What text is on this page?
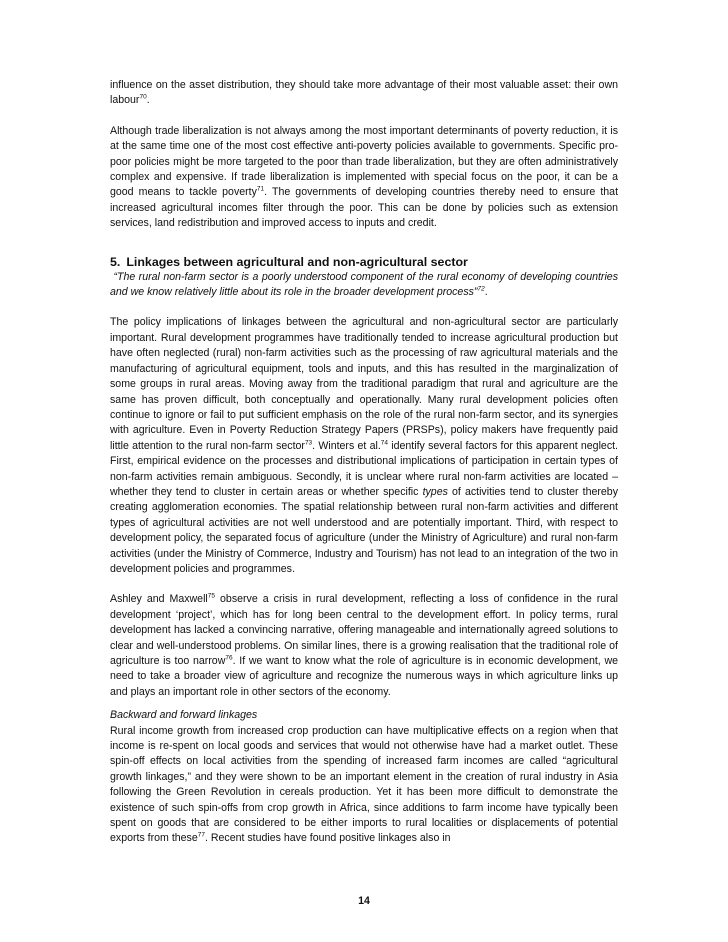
influence on the asset distribution, they should take more advantage of their most valuable asset: their own labour$^{70}$.

Although trade liberalization is not always among the most important determinants of poverty reduction, it is at the same time one of the most cost effective anti-poverty policies available to governments. Specific pro-poor policies might be more targeted to the poor than trade liberalization, but they are often administratively complex and expensive. If trade liberalization is implemented with special focus on the poor, it can be a good means to tackle poverty$^{71}$. The governments of developing countries thereby need to ensure that increased agricultural incomes filter through the poor. This can be done by policies such as extension services, land redistribution and improved access to inputs and credit.

5. Linkages between agricultural and non-agricultural sector

“The rural non-farm sector is a poorly understood component of the rural economy of developing countries and we know relatively little about its role in the broader development process”$^{72}$.

The policy implications of linkages between the agricultural and non-agricultural sector are particularly important. Rural development programmes have traditionally tended to increase agricultural production but have often neglected (rural) non-farm activities such as the processing of raw agricultural materials and the manufacturing of agricultural equipment, tools and inputs, and this has resulted in the marginalization of some groups in rural areas. Moving away from the traditional paradigm that rural and agriculture are the same has proven difficult, both conceptually and operationally. Many rural development policies often continue to ignore or fail to put sufficient emphasis on the role of the rural non-farm sector, and its synergies with agriculture. Even in Poverty Reduction Strategy Papers (PRSPs), policy makers have frequently paid little attention to the rural non-farm sector$^{73}$. Winters et al.$^{74}$ identify several factors for this apparent neglect. First, empirical evidence on the processes and distributional implications of participation in certain types of non-farm activities remain ambiguous. Secondly, it is unclear where rural non-farm activities are located – whether they tend to cluster in certain areas or whether specific types of activities tend to cluster thereby creating agglomeration economies. The spatial relationship between rural non-farm activities and different types of agricultural activities are not well understood and are potentially important. Third, with respect to development policy, the separated focus of agriculture (under the Ministry of Agriculture) and rural non-farm activities (under the Ministry of Commerce, Industry and Tourism) has not lead to an integration of the two in development policies and programmes.

Ashley and Maxwell$^{75}$ observe a crisis in rural development, reflecting a loss of confidence in the rural development ‘project’, which has for long been central to the development effort. In policy terms, rural development has lacked a convincing narrative, offering manageable and internationally agreed solutions to clear and well-understood problems. On similar lines, there is a growing realisation that the traditional role of agriculture is too narrow$^{76}$. If we want to know what the role of agriculture is in economic development, we need to take a broader view of agriculture and recognize the numerous ways in which agriculture links up and plays an important role in other sectors of the economy.

Backward and forward linkages

Rural income growth from increased crop production can have multiplicative effects on a region when that income is re-spent on local goods and services that would not otherwise have had a market outlet. These spin-off effects on local activities from the spending of increased farm incomes are called “agricultural growth linkages,” and they were shown to be an important element in the creation of rural industry in Asia following the Green Revolution in cereals production. Yet it has been more difficult to demonstrate the existence of such spin-offs from crop growth in Africa, since additions to farm income have typically been spent on goods that are considered to be either imports to rural localities or displacements of potential exports from these$^{77}$. Recent studies have found positive linkages also in

14
